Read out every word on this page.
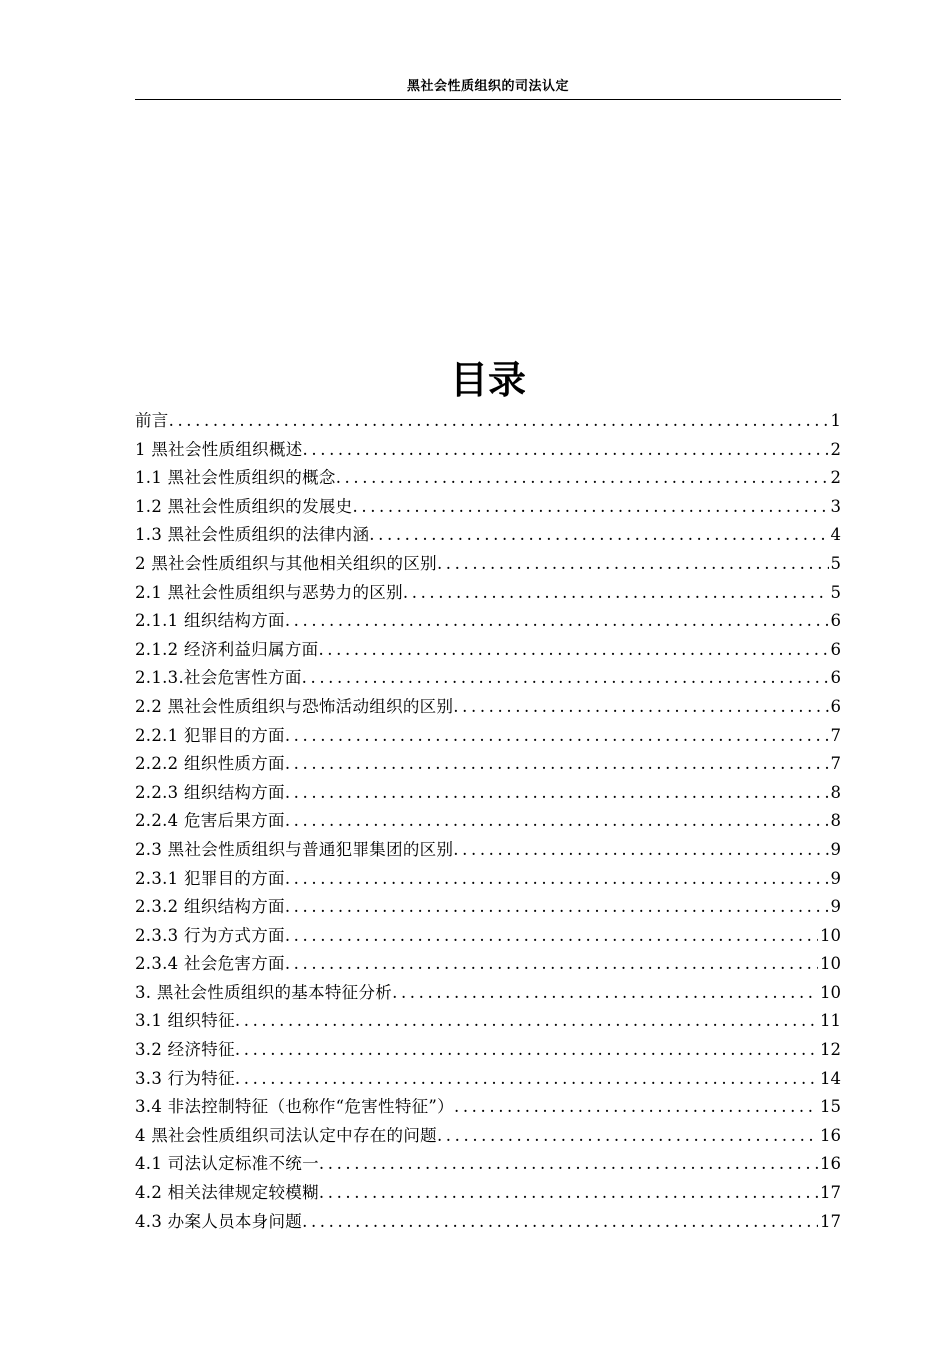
黑社会性质组织的司法认定
目录
前言 .....	1
1 黑社会性质组织概述 .....	2
1.1 黑社会性质组织的概念 .....	2
1.2 黑社会性质组织的发展史 .....	3
1.3 黑社会性质组织的法律内涵 .....	4
2 黑社会性质组织与其他相关组织的区别 .....	5
2.1 黑社会性质组织与恶势力的区别 .....	5
2.1.1 组织结构方面 .....	6
2.1.2 经济利益归属方面 .....	6
2.1.3.社会危害性方面 .....	6
2.2 黑社会性质组织与恐怖活动组织的区别 .....	6
2.2.1 犯罪目的方面 .....	7
2.2.2 组织性质方面 .....	7
2.2.3 组织结构方面 .....	8
2.2.4 危害后果方面 .....	8
2.3 黑社会性质组织与普通犯罪集团的区别 .....	9
2.3.1 犯罪目的方面 .....	9
2.3.2 组织结构方面 .....	9
2.3.3 行为方式方面 .....	10
2.3.4 社会危害方面 .....	10
3. 黑社会性质组织的基本特征分析 .....	10
3.1 组织特征 .....	11
3.2 经济特征 .....	12
3.3 行为特征 .....	14
3.4 非法控制特征（也称作“危害性特征”） .....	15
4 黑社会性质组织司法认定中存在的问题 .....	16
4.1 司法认定标准不统一 .....	16
4.2 相关法律规定较模糊 .....	17
4.3 办案人员本身问题 .....	17
